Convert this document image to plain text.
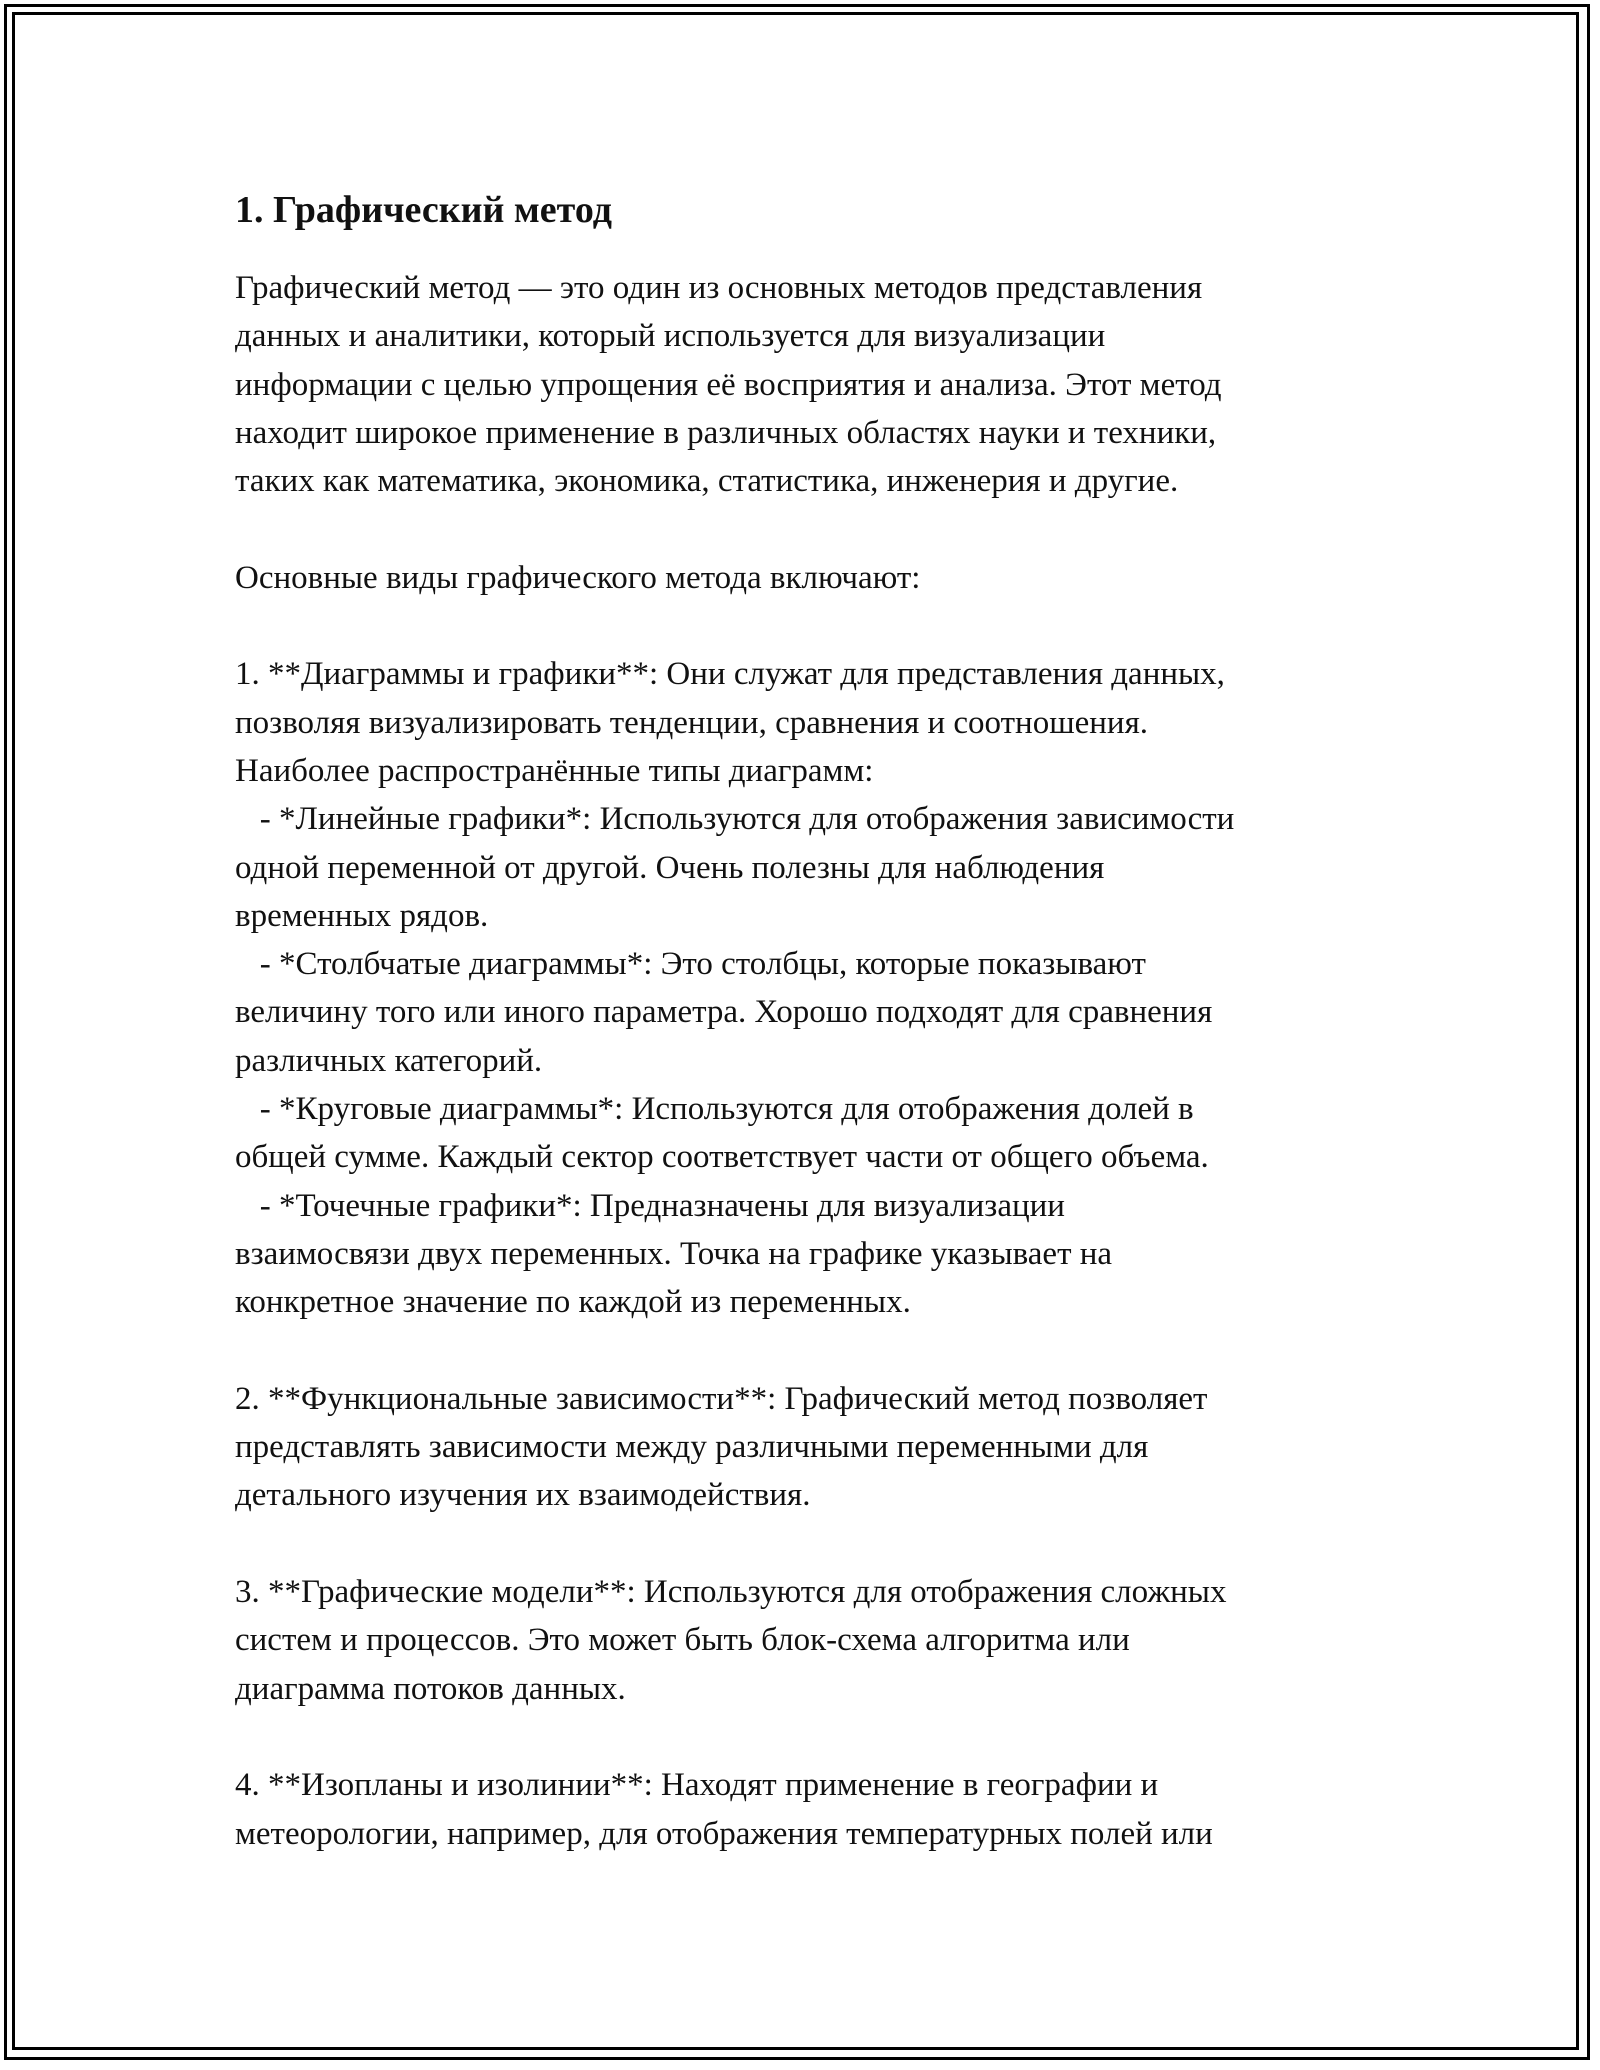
1. Графический метод

Графический метод — это один из основных методов представления
данных и аналитики, который используется для визуализации
информации с целью упрощения её восприятия и анализа. Этот метод
находит широкое применение в различных областях науки и техники,
таких как математика, экономика, статистика, инженерия и другие.

Основные виды графического метода включают:

1. **Диаграммы и графики**: Они служат для представления данных,
позволяя визуализировать тенденции, сравнения и соотношения.
Наиболее распространённые типы диаграмм:
- *Линейные графики*: Используются для отображения зависимости
одной переменной от другой. Очень полезны для наблюдения
временных рядов.
- *Столбчатые диаграммы*: Это столбцы, которые показывают
величину того или иного параметра. Хорошо подходят для сравнения
различных категорий.
- *Круговые диаграммы*: Используются для отображения долей в
общей сумме. Каждый сектор соответствует части от общего объема.
- *Точечные графики*: Предназначены для визуализации
взаимосвязи двух переменных. Точка на графике указывает на
конкретное значение по каждой из переменных.

2. **Функциональные зависимости**: Графический метод позволяет
представлять зависимости между различными переменными для
детального изучения их взаимодействия.

3. **Графические модели**: Используются для отображения сложных
систем и процессов. Это может быть блок-схема алгоритма или
диаграмма потоков данных.

4. **Изопланы и изолинии**: Находят применение в географии и
метеорологии, например, для отображения температурных полей или
